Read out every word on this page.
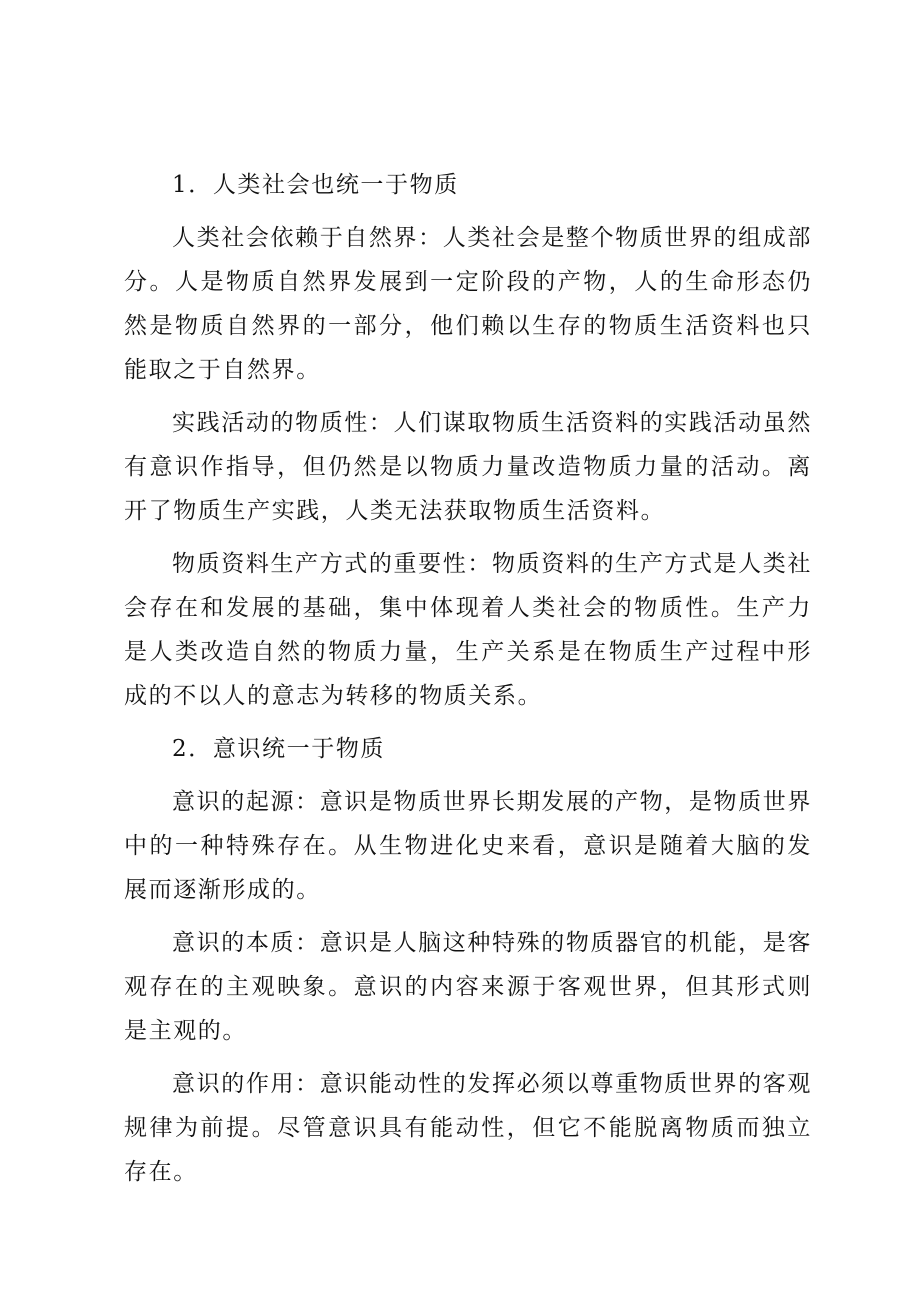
1．人类社会也统一于物质

人类社会依赖于自然界：人类社会是整个物质世界的组成部分。人是物质自然界发展到一定阶段的产物，人的生命形态仍然是物质自然界的一部分，他们赖以生存的物质生活资料也只能取之于自然界。

实践活动的物质性：人们谋取物质生活资料的实践活动虽然有意识作指导，但仍然是以物质力量改造物质力量的活动。离开了物质生产实践，人类无法获取物质生活资料。

物质资料生产方式的重要性：物质资料的生产方式是人类社会存在和发展的基础，集中体现着人类社会的物质性。生产力是人类改造自然的物质力量，生产关系是在物质生产过程中形成的不以人的意志为转移的物质关系。

2．意识统一于物质

意识的起源：意识是物质世界长期发展的产物，是物质世界中的一种特殊存在。从生物进化史来看，意识是随着大脑的发展而逐渐形成的。

意识的本质：意识是人脑这种特殊的物质器官的机能，是客观存在的主观映象。意识的内容来源于客观世界，但其形式则是主观的。

意识的作用：意识能动性的发挥必须以尊重物质世界的客观规律为前提。尽管意识具有能动性，但它不能脱离物质而独立存在。
